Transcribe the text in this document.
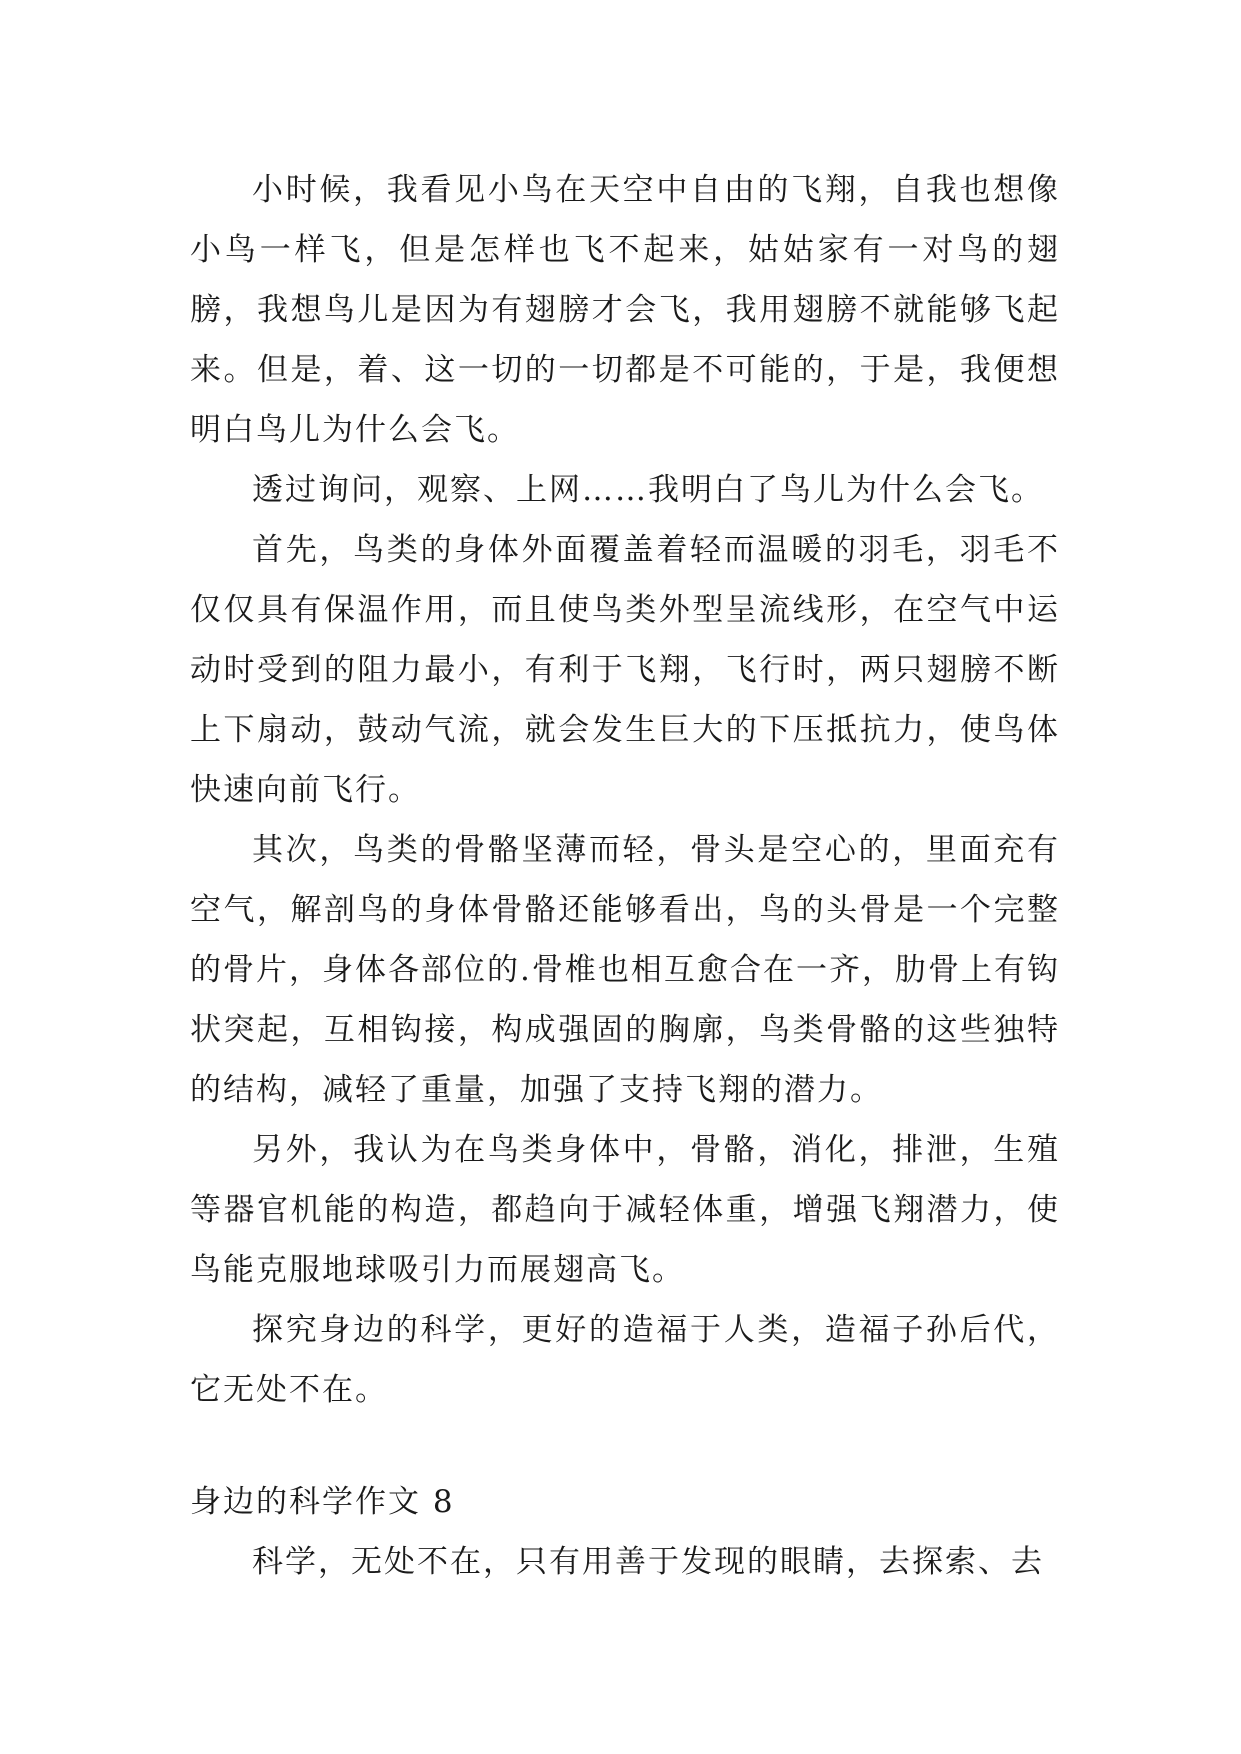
小时候，我看见小鸟在天空中自由的飞翔，自我也想像小鸟一样飞，但是怎样也飞不起来，姑姑家有一对鸟的翅膀，我想鸟儿是因为有翅膀才会飞，我用翅膀不就能够飞起来。但是，着、这一切的一切都是不可能的，于是，我便想明白鸟儿为什么会飞。

透过询问，观察、上网……我明白了鸟儿为什么会飞。

首先，鸟类的身体外面覆盖着轻而温暖的羽毛，羽毛不仅仅具有保温作用，而且使鸟类外型呈流线形，在空气中运动时受到的阻力最小，有利于飞翔，飞行时，两只翅膀不断上下扇动，鼓动气流，就会发生巨大的下压抵抗力，使鸟体快速向前飞行。

其次，鸟类的骨骼坚薄而轻，骨头是空心的，里面充有空气，解剖鸟的身体骨骼还能够看出，鸟的头骨是一个完整的骨片，身体各部位的.骨椎也相互愈合在一齐，肋骨上有钩状突起，互相钩接，构成强固的胸廓，鸟类骨骼的这些独特的结构，减轻了重量，加强了支持飞翔的潜力。

另外，我认为在鸟类身体中，骨骼，消化，排泄，生殖等器官机能的构造，都趋向于减轻体重，增强飞翔潜力，使鸟能克服地球吸引力而展翅高飞。

探究身边的科学，更好的造福于人类，造福子孙后代，它无处不在。

身边的科学作文 8

科学，无处不在，只有用善于发现的眼睛，去探索、去
